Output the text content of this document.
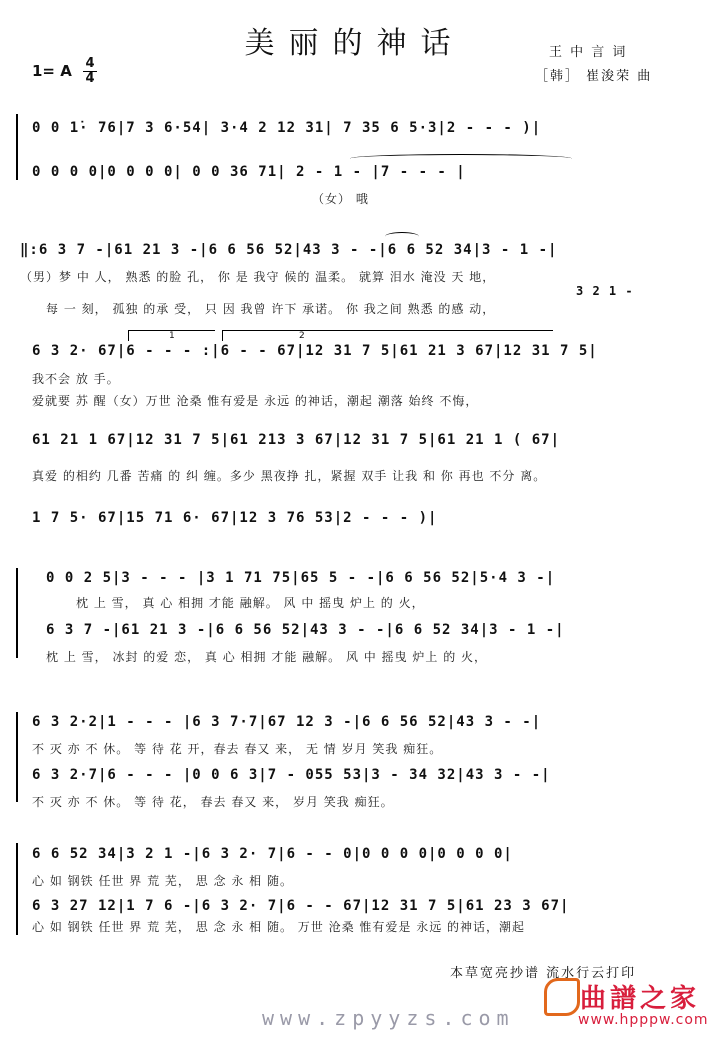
美丽的神话	王 中 言 词
［韩］ 崔浚荣 曲
1= A 4
4
0 0 1̇· 76|7 3 6·54| 3·4 2 12 31| 7 35 6 5·3|2 - - - )|
0 0 0 0|0 0 0 0| 0 0 36 71| 2 - 1 - |7 - - - |
（女） 哦
‖:6 3 7 -|61 21 3 -|6 6 56 52|43 3 - -|6 6 52 34|3 - 1 -|
（男）梦 中 人， 熟悉 的脸 孔， 你 是 我守 候的 温柔。 就算 泪水 淹没 天 地，
每 一 刻， 孤独 的承 受， 只 因 我曾 许下 承诺。 你 我之间 熟悉 的感 动，
3 2 1 -
1	2
6 3 2· 67|6 - - - :|6 - - 67|12 31 7 5|61 21 3 67|12 31 7 5|
我不会 放 手。
爱就要 苏 醒（女）万世 沧桑 惟有爱是 永远 的神话，潮起 潮落 始终 不悔，
61 21 1 67|12 31 7 5|61 213 3 67|12 31 7 5|61 21 1 ( 67|
真爱 的相约 几番 苦痛 的 纠 缠。多少 黑夜挣 扎，紧握 双手 让我 和 你 再也 不分 离。
1 7 5· 67|15 71 6· 67|12 3 76 53|2 - - - )|
0 0 2 5|3 - - - |3 1 71 75|65 5 - -|6 6 56 52|5·4 3 -|
枕 上 雪， 真 心 相拥 才能 融解。 风 中 摇曳 炉上 的 火，
6 3 7 -|61 21 3 -|6 6 56 52|43 3 - -|6 6 52 34|3 - 1 -|
枕 上 雪， 冰封 的爱 恋， 真 心 相拥 才能 融解。 风 中 摇曳 炉上 的 火，
6 3 2·2|1 - - - |6 3 7·7|67 12 3 -|6 6 56 52|43 3 - -|
不 灭 亦 不 休。 等 待 花 开，春去 春又 来， 无 情 岁月 笑我 痴狂。
6 3 2·7|6 - - - |0 0 6 3|7 - 055 53|3 - 34 32|43 3 - -|
不 灭 亦 不 休。 等 待 花， 春去 春又 来， 岁月 笑我 痴狂。
6 6 52 34|3 2 1 -|6 3 2· 7|6 - - 0|0 0 0 0|0 0 0 0|
心 如 钢铁 任世 界 荒 芜， 思 念 永 相 随。
6 3 27 12|1 7 6 -|6 3 2· 7|6 - - 67|12 31 7 5|61 23 3 67|
心 如 钢铁 任世 界 荒 芜， 思 念 永 相 随。 万世 沧桑 惟有爱是 永远 的神话，潮起
本草宽亮抄谱 流水行云打印
曲譜之家
www.hpppw.com
www.zpyyzs.com
